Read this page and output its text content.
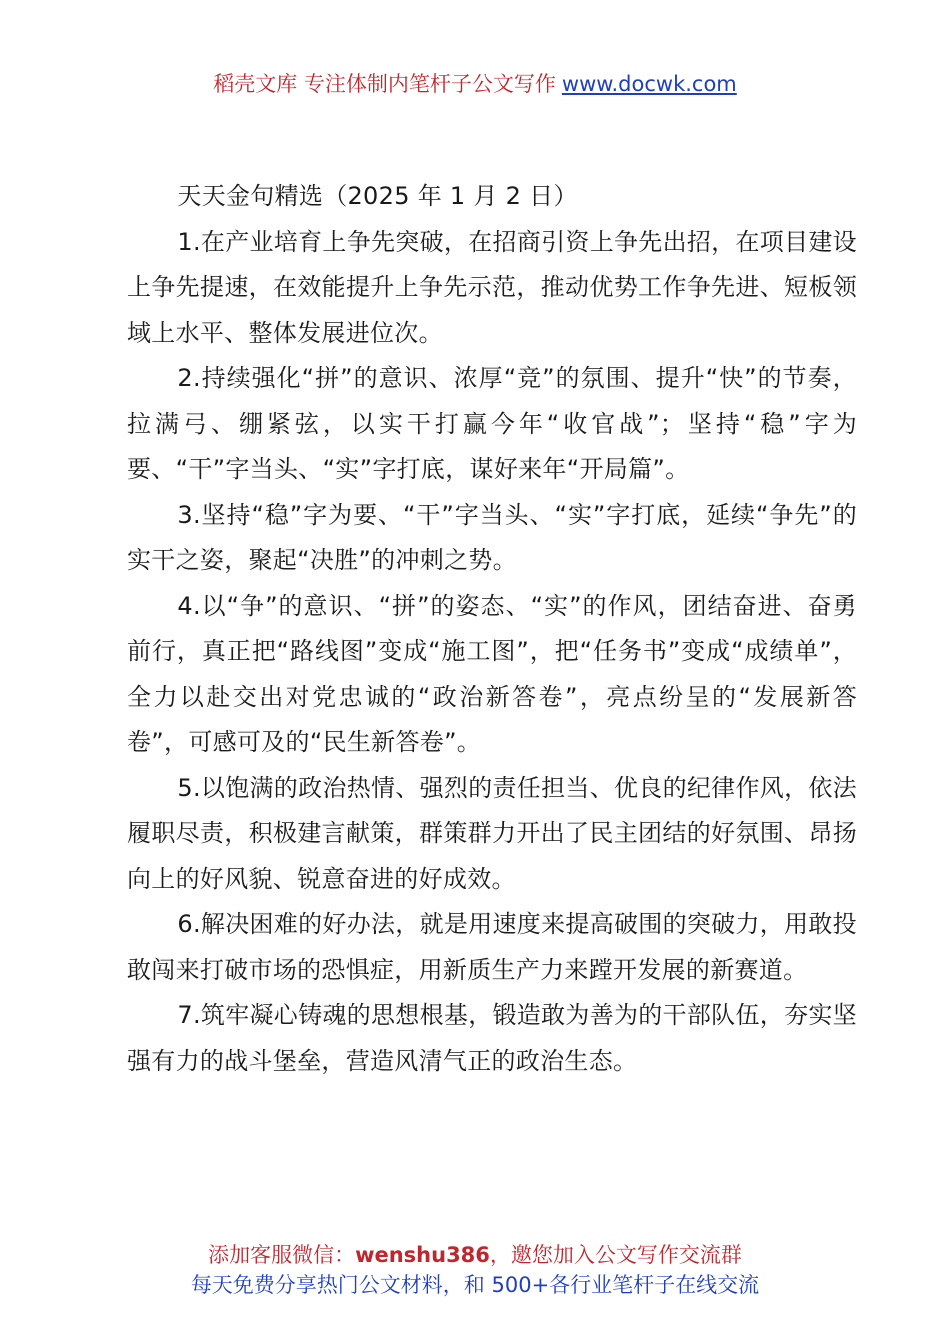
稻壳文库 专注体制内笔杆子公文写作 www.docwk.com

天天金句精选（2025 年 1 月 2 日）

1.在产业培育上争先突破，在招商引资上争先出招，在项目建设上争先提速，在效能提升上争先示范，推动优势工作争先进、短板领域上水平、整体发展进位次。

2.持续强化“拼”的意识、浓厚“竞”的氛围、提升“快”的节奏，拉满弓、绷紧弦，以实干打赢今年“收官战”；坚持“稳”字为要、“干”字当头、“实”字打底，谋好来年“开局篇”。

3.坚持“稳”字为要、“干”字当头、“实”字打底，延续“争先”的实干之姿，聚起“决胜”的冲刺之势。

4.以“争”的意识、“拼”的姿态、“实”的作风，团结奋进、奋勇前行，真正把“路线图”变成“施工图”，把“任务书”变成“成绩单”，全力以赴交出对党忠诚的“政治新答卷”，亮点纷呈的“发展新答卷”，可感可及的“民生新答卷”。

5.以饱满的政治热情、强烈的责任担当、优良的纪律作风，依法履职尽责，积极建言献策，群策群力开出了民主团结的好氛围、昂扬向上的好风貌、锐意奋进的好成效。

6.解决困难的好办法，就是用速度来提高破围的突破力，用敢投敢闯来打破市场的恐惧症，用新质生产力来蹚开发展的新赛道。

7.筑牢凝心铸魂的思想根基，锻造敢为善为的干部队伍，夯实坚强有力的战斗堡垒，营造风清气正的政治生态。

添加客服微信：wenshu386，邀您加入公文写作交流群
每天免费分享热门公文材料，和 500+各行业笔杆子在线交流
